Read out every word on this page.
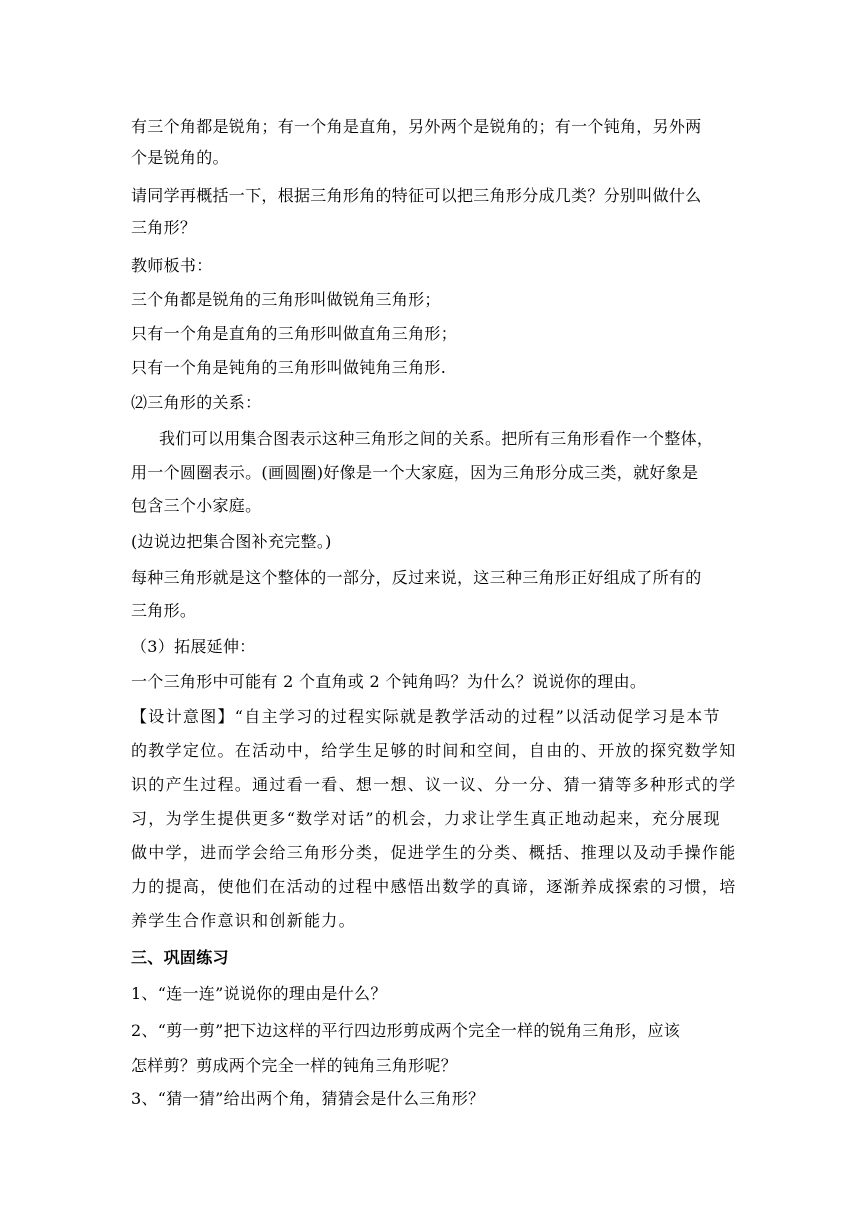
有三个角都是锐角；有一个角是直角，另外两个是锐角的；有一个钝角，另外两
个是锐角的。
请同学再概括一下，根据三角形角的特征可以把三角形分成几类？分别叫做什么
三角形？
教师板书：
三个角都是锐角的三角形叫做锐角三角形；
只有一个角是直角的三角形叫做直角三角形；
只有一个角是钝角的三角形叫做钝角三角形.
⑵三角形的关系：
我们可以用集合图表示这种三角形之间的关系。把所有三角形看作一个整体，
用一个圆圈表示。(画圆圈)好像是一个大家庭，因为三角形分成三类，就好象是
包含三个小家庭。
(边说边把集合图补充完整。)
每种三角形就是这个整体的一部分，反过来说，这三种三角形正好组成了所有的
三角形。
（3）拓展延伸：
一个三角形中可能有 2 个直角或 2 个钝角吗？为什么？说说你的理由。
【设计意图】“自主学习的过程实际就是教学活动的过程”以活动促学习是本节
的教学定位。在活动中，给学生足够的时间和空间，自由的、开放的探究数学知
识的产生过程。通过看一看、想一想、议一议、分一分、猜一猜等多种形式的学
习，为学生提供更多“数学对话”的机会，力求让学生真正地动起来，充分展现
做中学，进而学会给三角形分类，促进学生的分类、概括、推理以及动手操作能
力的提高，使他们在活动的过程中感悟出数学的真谛，逐渐养成探索的习惯，培
养学生合作意识和创新能力。
三、巩固练习
1、“连一连”说说你的理由是什么？
2、“剪一剪”把下边这样的平行四边形剪成两个完全一样的锐角三角形，应该
怎样剪？剪成两个完全一样的钝角三角形呢？
3、“猜一猜”给出两个角，猜猜会是什么三角形？
